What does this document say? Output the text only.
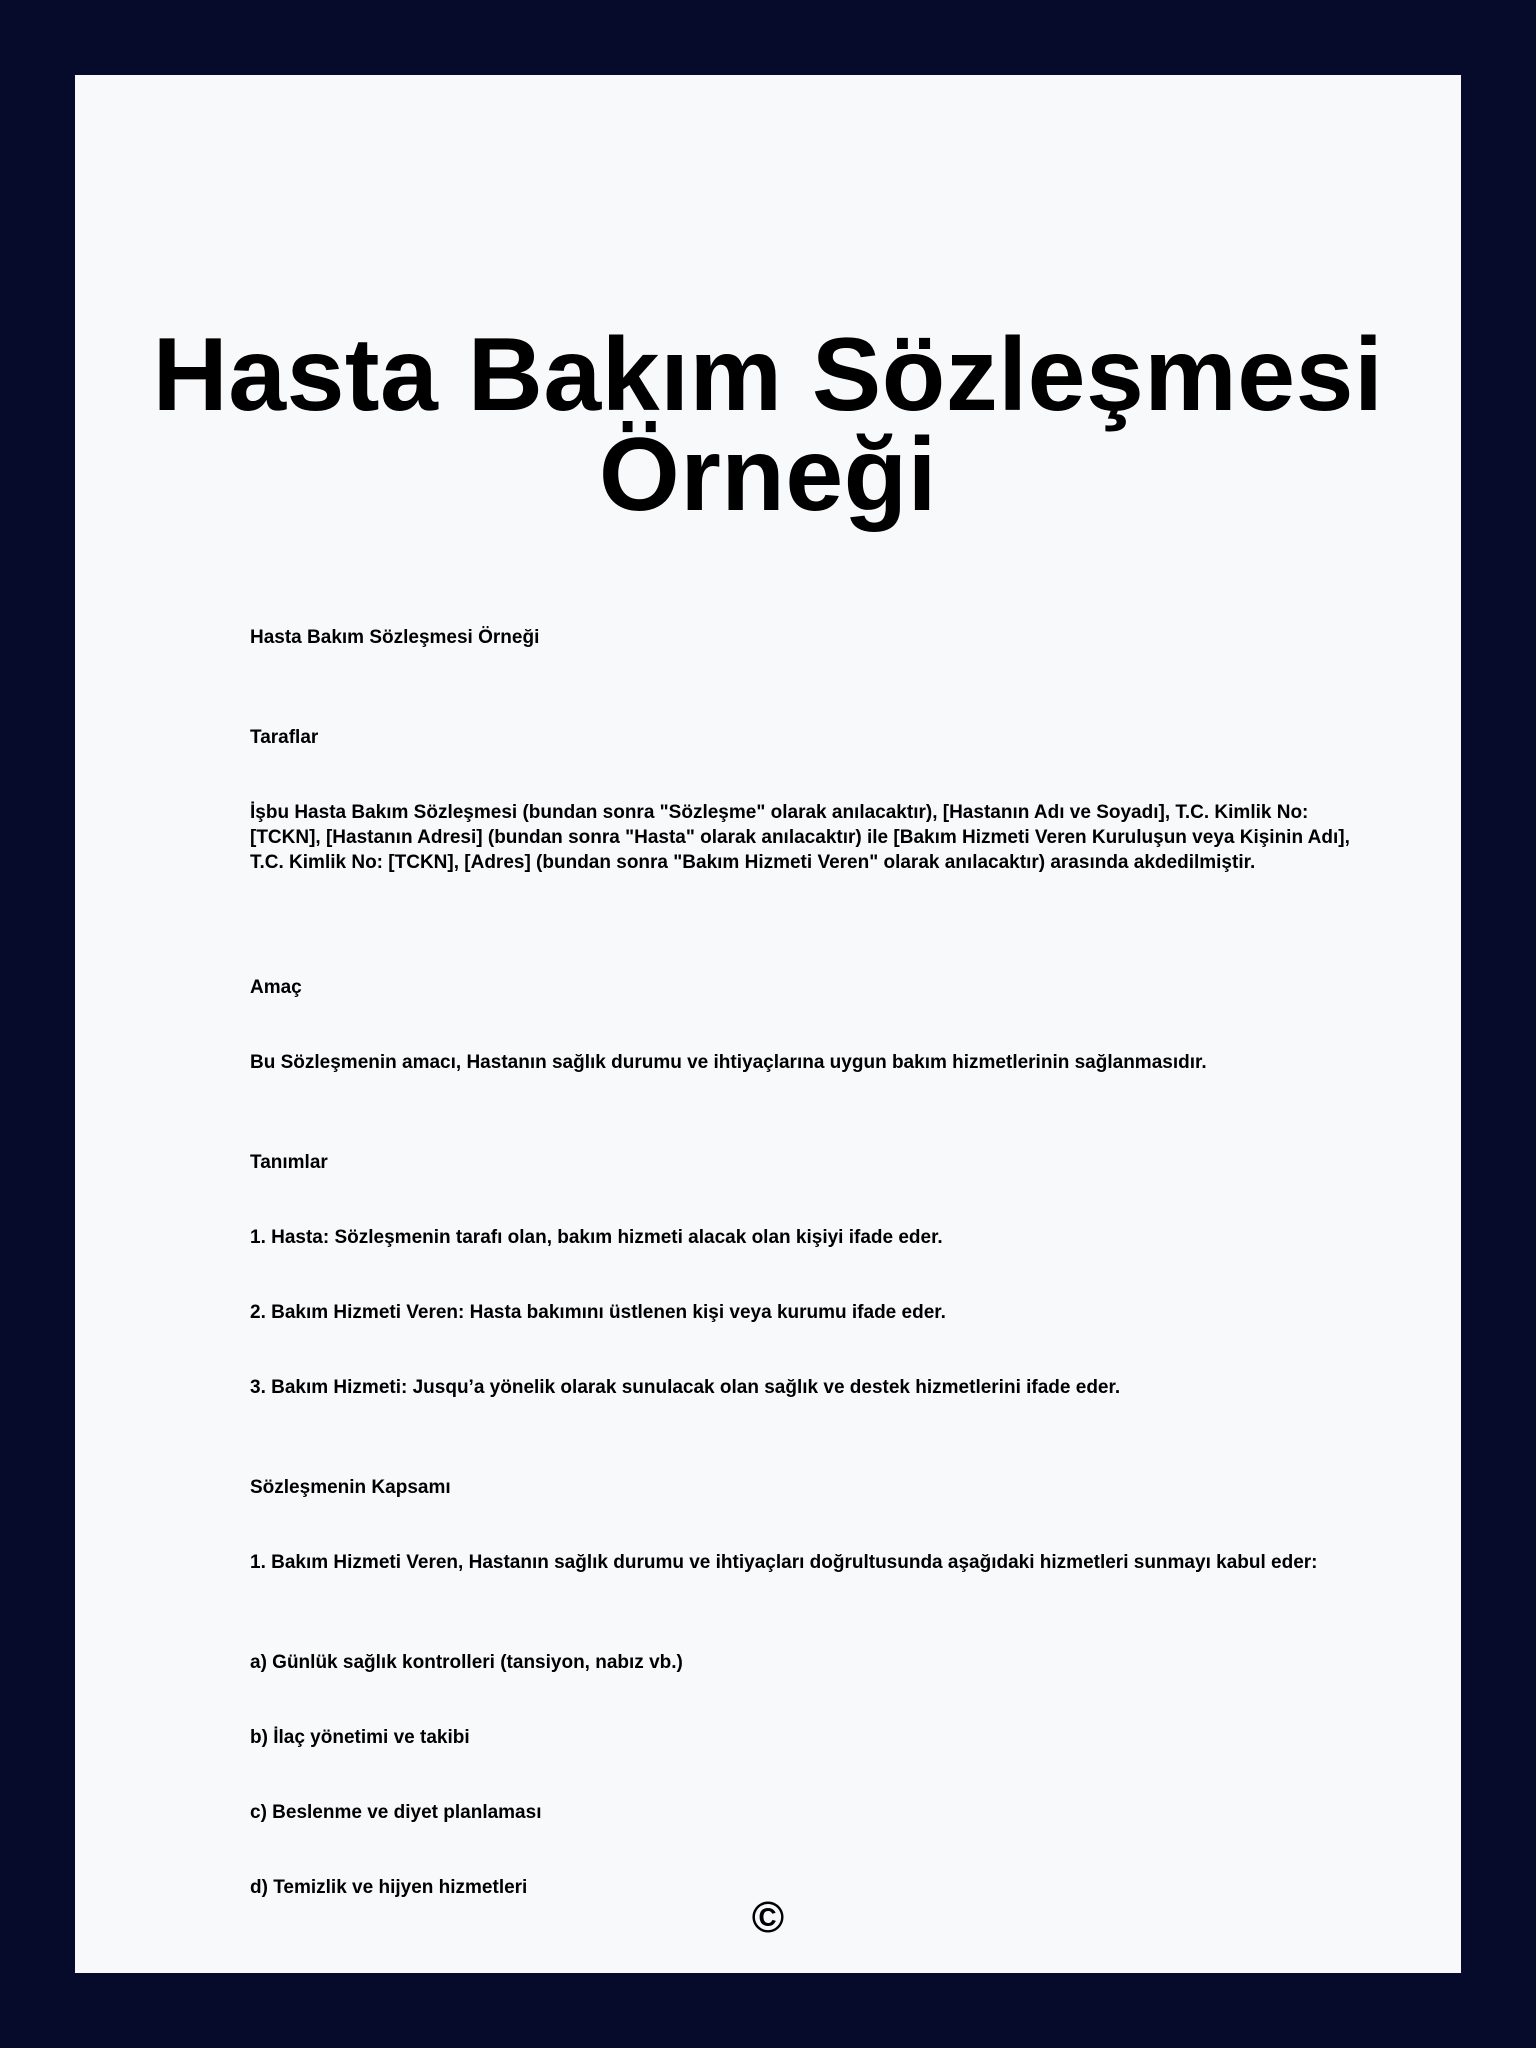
Hasta Bakım Sözleşmesi Örneği

Hasta Bakım Sözleşmesi Örneği

Taraflar

İşbu Hasta Bakım Sözleşmesi (bundan sonra "Sözleşme" olarak anılacaktır), [Hastanın Adı ve Soyadı], T.C. Kimlik No: [TCKN], [Hastanın Adresi] (bundan sonra "Hasta" olarak anılacaktır) ile [Bakım Hizmeti Veren Kuruluşun veya Kişinin Adı], T.C. Kimlik No: [TCKN], [Adres] (bundan sonra "Bakım Hizmeti Veren" olarak anılacaktır) arasında akdedilmiştir.

Amaç

Bu Sözleşmenin amacı, Hastanın sağlık durumu ve ihtiyaçlarına uygun bakım hizmetlerinin sağlanmasıdır.

Tanımlar

1. Hasta: Sözleşmenin tarafı olan, bakım hizmeti alacak olan kişiyi ifade eder.

2. Bakım Hizmeti Veren: Hasta bakımını üstlenen kişi veya kurumu ifade eder.

3. Bakım Hizmeti: Jusqu’a yönelik olarak sunulacak olan sağlık ve destek hizmetlerini ifade eder.

Sözleşmenin Kapsamı

1. Bakım Hizmeti Veren, Hastanın sağlık durumu ve ihtiyaçları doğrultusunda aşağıdaki hizmetleri sunmayı kabul eder:

a) Günlük sağlık kontrolleri (tansiyon, nabız vb.)

b) İlaç yönetimi ve takibi

c) Beslenme ve diyet planlaması

d) Temizlik ve hijyen hizmetleri

©
